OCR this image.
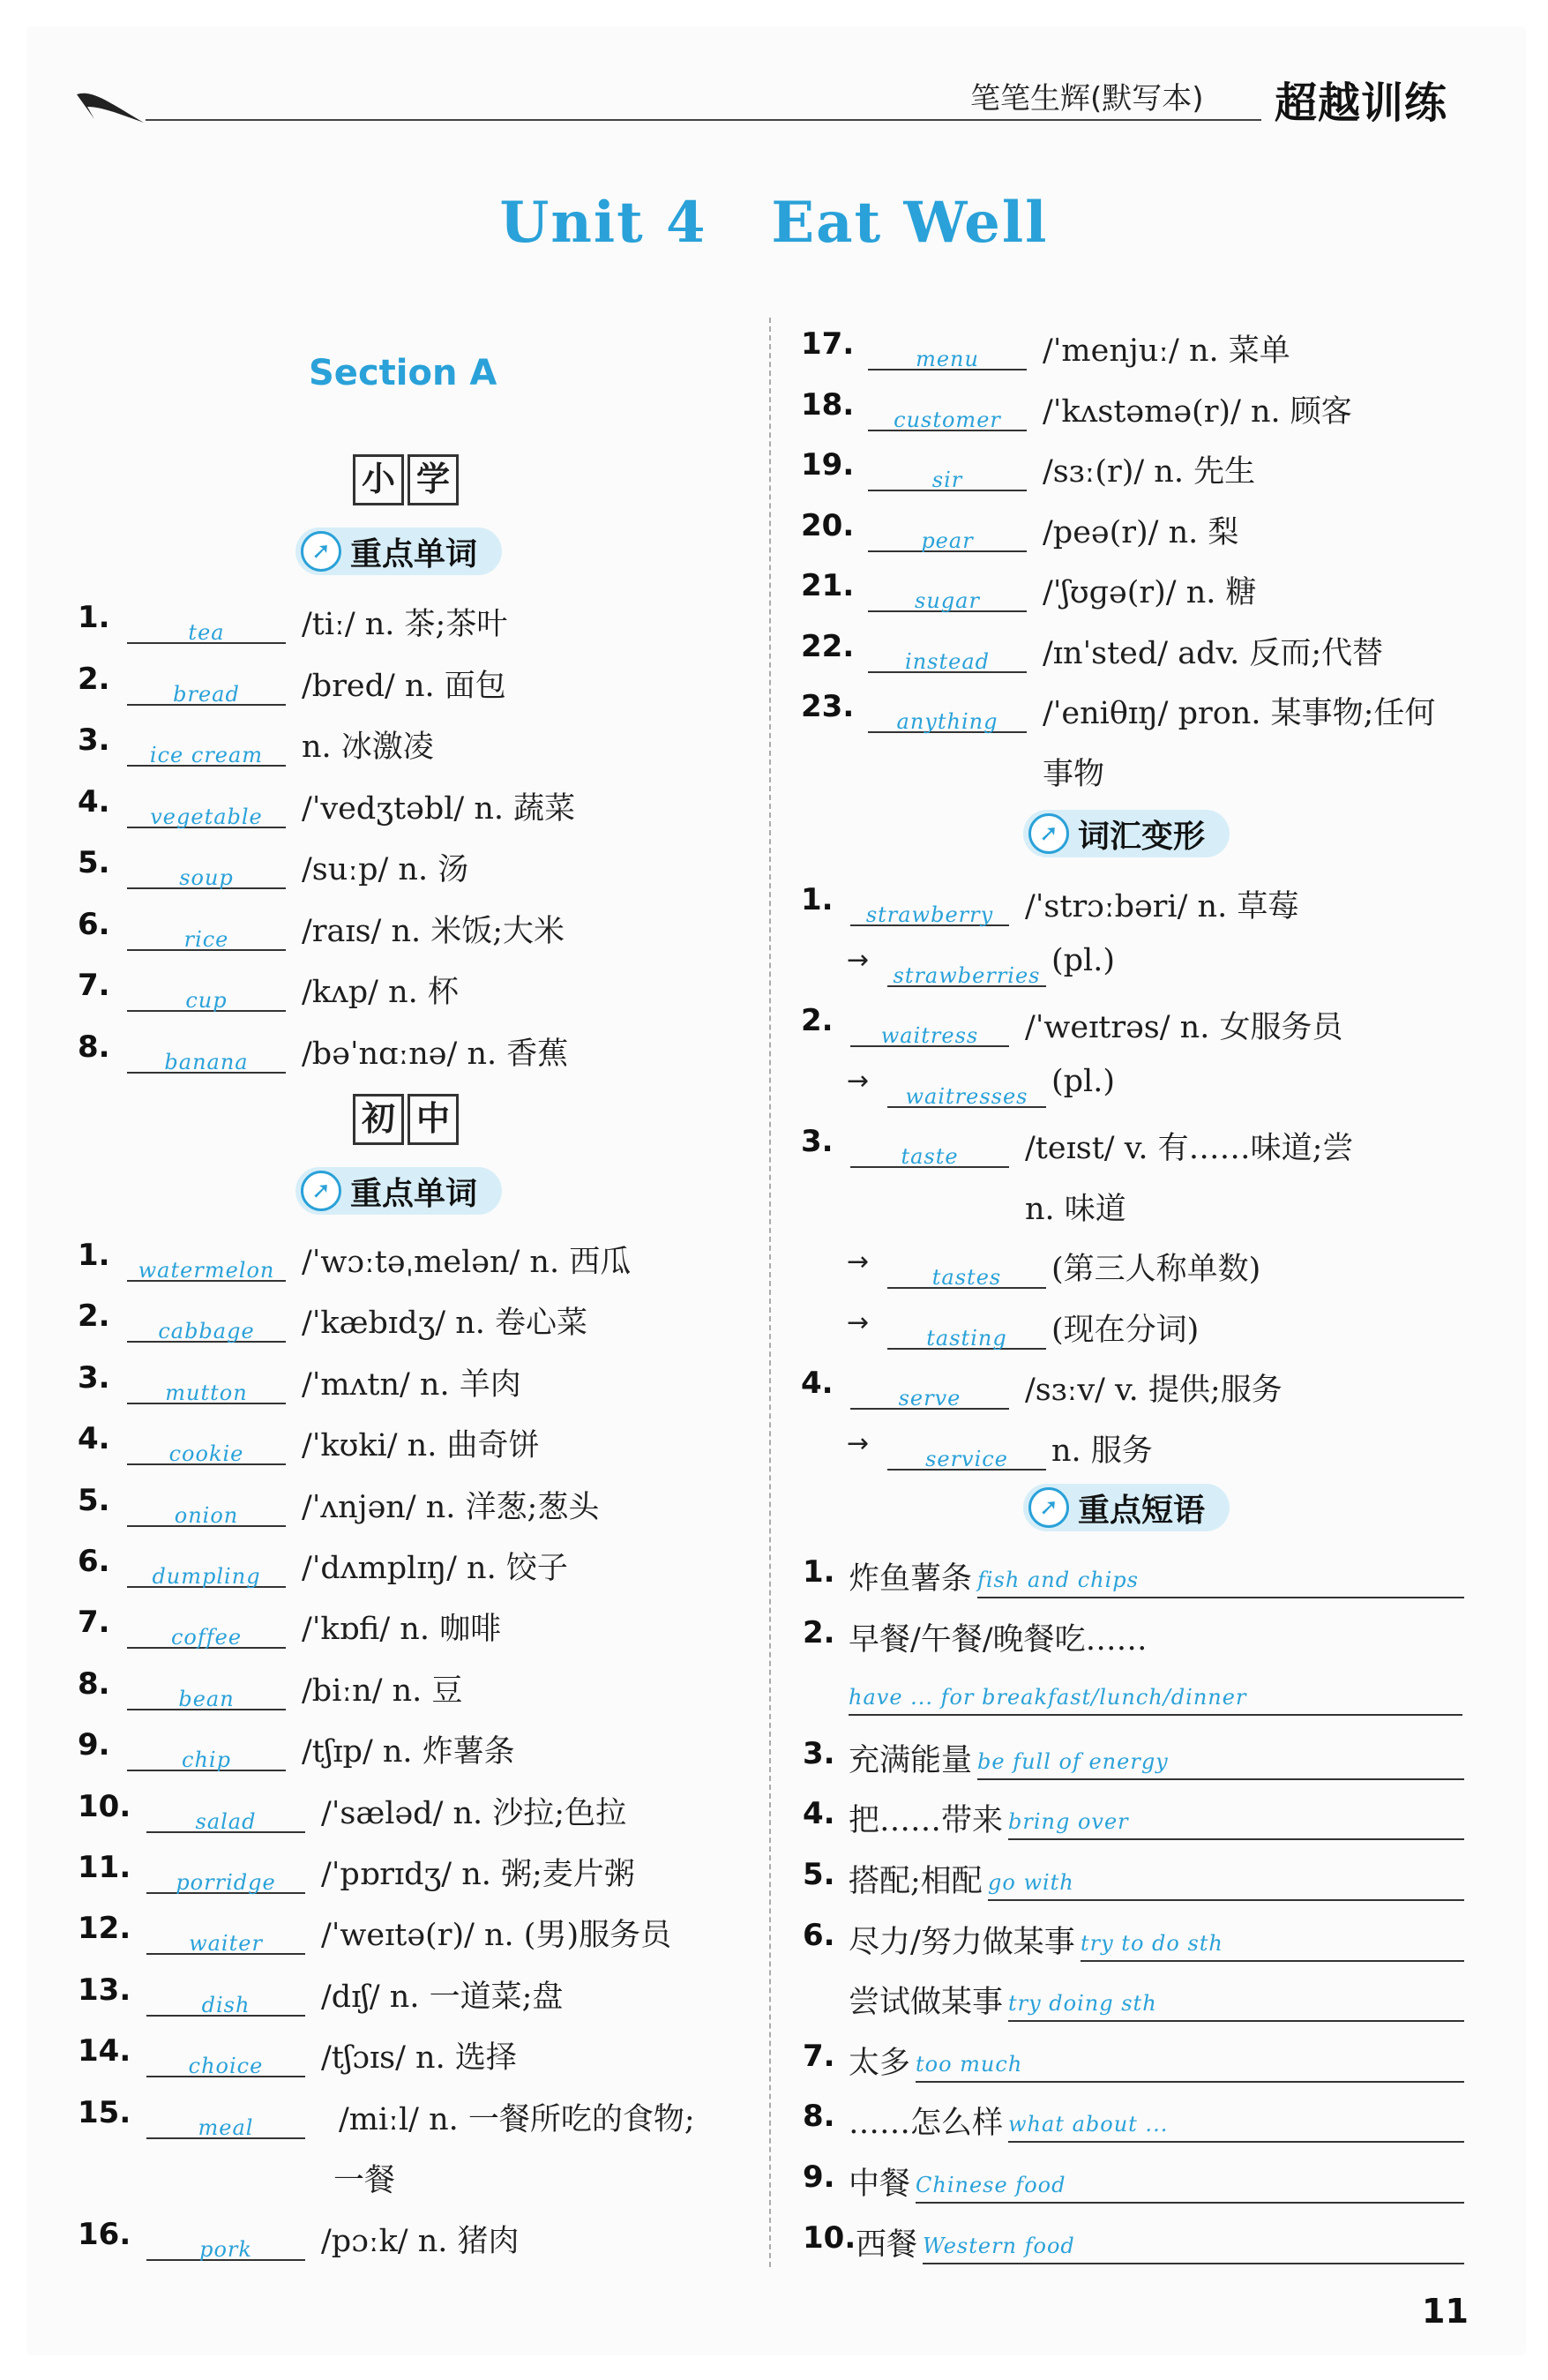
笔笔生辉(默写本) 超越训练
Unit 4   Eat Well
Section A
小 学
➚ 重点单词
1.	tea	/tiː/ n. 茶;茶叶
2.	bread	/bred/ n. 面包
3.	ice cream	n. 冰激凌
4.	vegetable	/ˈvedʒtəbl/ n. 蔬菜
5.	soup	/suːp/ n. 汤
6.	rice	/raɪs/ n. 米饭;大米
7.	cup	/kʌp/ n. 杯
8.	banana	/bəˈnɑːnə/ n. 香蕉
初 中
➚ 重点单词
1.	watermelon /ˈwɔːtəˌmelən/ n. 西瓜
2.	cabbage	/ˈkæbɪdʒ/ n. 卷心菜
3.	mutton	/ˈmʌtn/ n. 羊肉
4.	cookie	/ˈkʊki/ n. 曲奇饼
5.	onion	/ˈʌnjən/ n. 洋葱;葱头
6.	dumpling	/ˈdʌmplɪŋ/ n. 饺子
7.	coffee	/ˈkɒfi/ n. 咖啡
8.	bean	/biːn/ n. 豆
9.	chip	/tʃɪp/ n. 炸薯条
10.	salad	/ˈsæləd/ n. 沙拉;色拉
11.	porridge	/ˈpɒrɪdʒ/ n. 粥;麦片粥
12.	waiter	/ˈweɪtə(r)/ n. (男)服务员
13.	dish	/dɪʃ/ n. 一道菜;盘
14.	choice	/tʃɔɪs/ n. 选择
15.	meal	/miːl/ n. 一餐所吃的食物;
一餐
16.	pork	/pɔːk/ n. 猪肉
17.	menu	/ˈmenjuː/ n. 菜单
18.	customer	/ˈkʌstəmə(r)/ n. 顾客
19.	sir	/sɜː(r)/ n. 先生
20.	pear	/peə(r)/ n. 梨
21.	sugar	/ˈʃʊɡə(r)/ n. 糖
22.	instead	/ɪnˈsted/ adv. 反而;代替
23.	anything	/ˈeniθɪŋ/ pron. 某事物;任何
事物
➚ 词汇变形
1.	strawberry	/ˈstrɔːbəri/ n. 草莓
→ strawberries (pl.)
2.	waitress	/ˈweɪtrəs/ n. 女服务员
→	waitresses (pl.)
3.	taste	/teɪst/ v. 有……味道;尝
n. 味道
→	tastes	(第三人称单数)
→	tasting	(现在分词)
4.	serve	/sɜːv/ v. 提供;服务
→	service	n. 服务
➚ 重点短语
1. 炸鱼薯条 fish and chips
2. 早餐/午餐/晚餐吃……
have ... for breakfast/lunch/dinner
3. 充满能量 be full of energy
4. 把……带来 bring over
5. 搭配;相配 go with
6. 尽力/努力做某事 try to do sth
尝试做某事 try doing sth
7. 太多 too much
8. ……怎么样 what about ...
9. 中餐 Chinese food
10. 西餐 Western food
11
